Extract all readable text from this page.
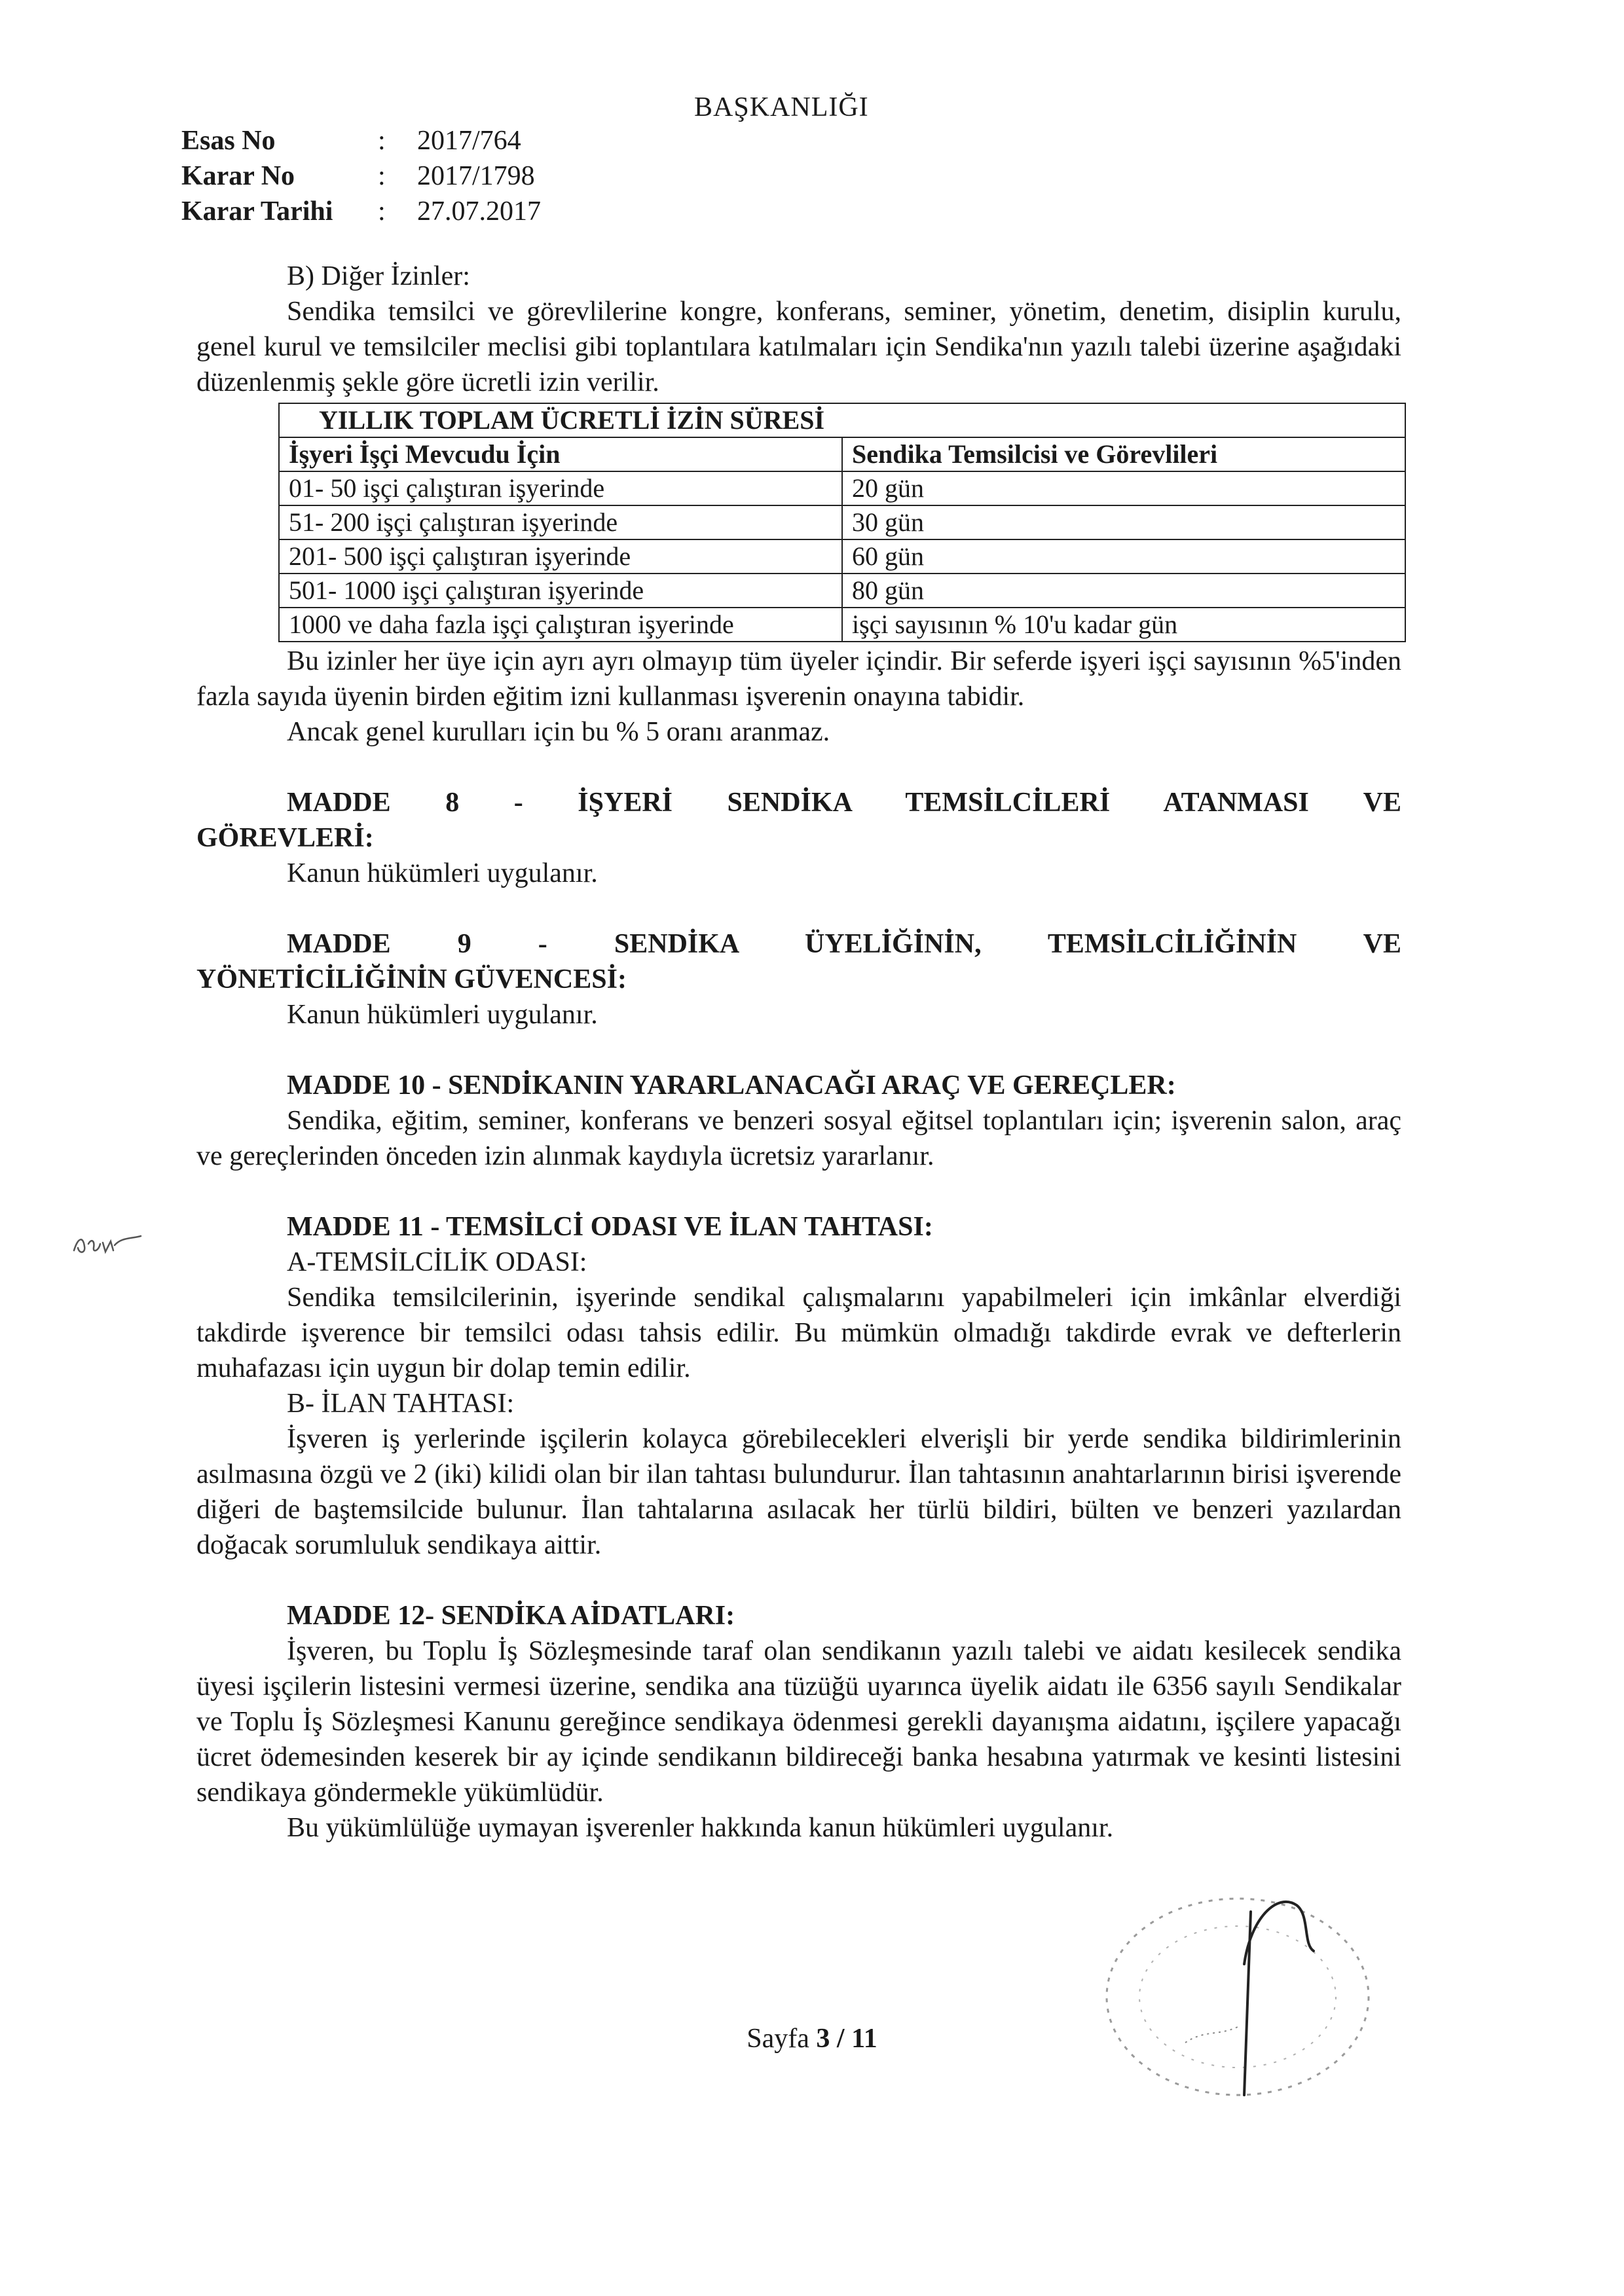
BAŞKANLIĞI
Esas No	:	2017/764
Karar No	:	2017/1798
Karar Tarihi	:	27.07.2017

B) Diğer İzinler:

Sendika temsilci ve görevlilerine kongre, konferans, seminer, yönetim, denetim, disiplin kurulu, genel kurul ve temsilciler meclisi gibi toplantılara katılmaları için Sendika'nın yazılı talebi üzerine aşağıdaki düzenlenmiş şekle göre ücretli izin verilir.

YILLIK TOPLAM ÜCRETLİ İZİN SÜRESİ	
İşyeri İşçi Mevcudu İçin	Sendika Temsilcisi ve Görevlileri
01- 50 işçi çalıştıran işyerinde	20 gün
51- 200 işçi çalıştıran işyerinde	30 gün
201- 500 işçi çalıştıran işyerinde	60 gün
501- 1000 işçi çalıştıran işyerinde	80 gün
1000 ve daha fazla işçi çalıştıran işyerinde	işçi sayısının % 10'u kadar gün

Bu izinler her üye için ayrı ayrı olmayıp tüm üyeler içindir. Bir seferde işyeri işçi sayısının %5'inden fazla sayıda üyenin birden eğitim izni kullanması işverenin onayına tabidir.

Ancak genel kurulları için bu % 5 oranı aranmaz.

MADDE 8 - İŞYERİ SENDİKA TEMSİLCİLERİ ATANMASI VE

GÖREVLERİ:

Kanun hükümleri uygulanır.

MADDE 9 - SENDİKA ÜYELİĞİNİN, TEMSİLCİLİĞİNİN VE

YÖNETİCİLİĞİNİN GÜVENCESİ:

Kanun hükümleri uygulanır.

MADDE 10 - SENDİKANIN YARARLANACAĞI ARAÇ VE GEREÇLER:

Sendika, eğitim, seminer, konferans ve benzeri sosyal eğitsel toplantıları için; işverenin salon, araç ve gereçlerinden önceden izin alınmak kaydıyla ücretsiz yararlanır.

MADDE 11 - TEMSİLCİ ODASI VE İLAN TAHTASI:

A-TEMSİLCİLİK ODASI:

Sendika temsilcilerinin, işyerinde sendikal çalışmalarını yapabilmeleri için imkânlar elverdiği takdirde işverence bir temsilci odası tahsis edilir. Bu mümkün olmadığı takdirde evrak ve defterlerin muhafazası için uygun bir dolap temin edilir.

B- İLAN TAHTASI:

İşveren iş yerlerinde işçilerin kolayca görebilecekleri elverişli bir yerde sendika bildirimlerinin asılmasına özgü ve 2 (iki) kilidi olan bir ilan tahtası bulundurur. İlan tahtasının anahtarlarının birisi işverende diğeri de baştemsilcide bulunur. İlan tahtalarına asılacak her türlü bildiri, bülten ve benzeri yazılardan doğacak sorumluluk sendikaya aittir.

MADDE 12- SENDİKA AİDATLARI:

İşveren, bu Toplu İş Sözleşmesinde taraf olan sendikanın yazılı talebi ve aidatı kesilecek sendika üyesi işçilerin listesini vermesi üzerine, sendika ana tüzüğü uyarınca üyelik aidatı ile 6356 sayılı Sendikalar ve Toplu İş Sözleşmesi Kanunu gereğince sendikaya ödenmesi gerekli dayanışma aidatını, işçilere yapacağı ücret ödemesinden keserek bir ay içinde sendikanın bildireceği banka hesabına yatırmak ve kesinti listesini sendikaya göndermekle yükümlüdür.

Bu yükümlülüğe uymayan işverenler hakkında kanun hükümleri uygulanır.

Sayfa 3 / 11
